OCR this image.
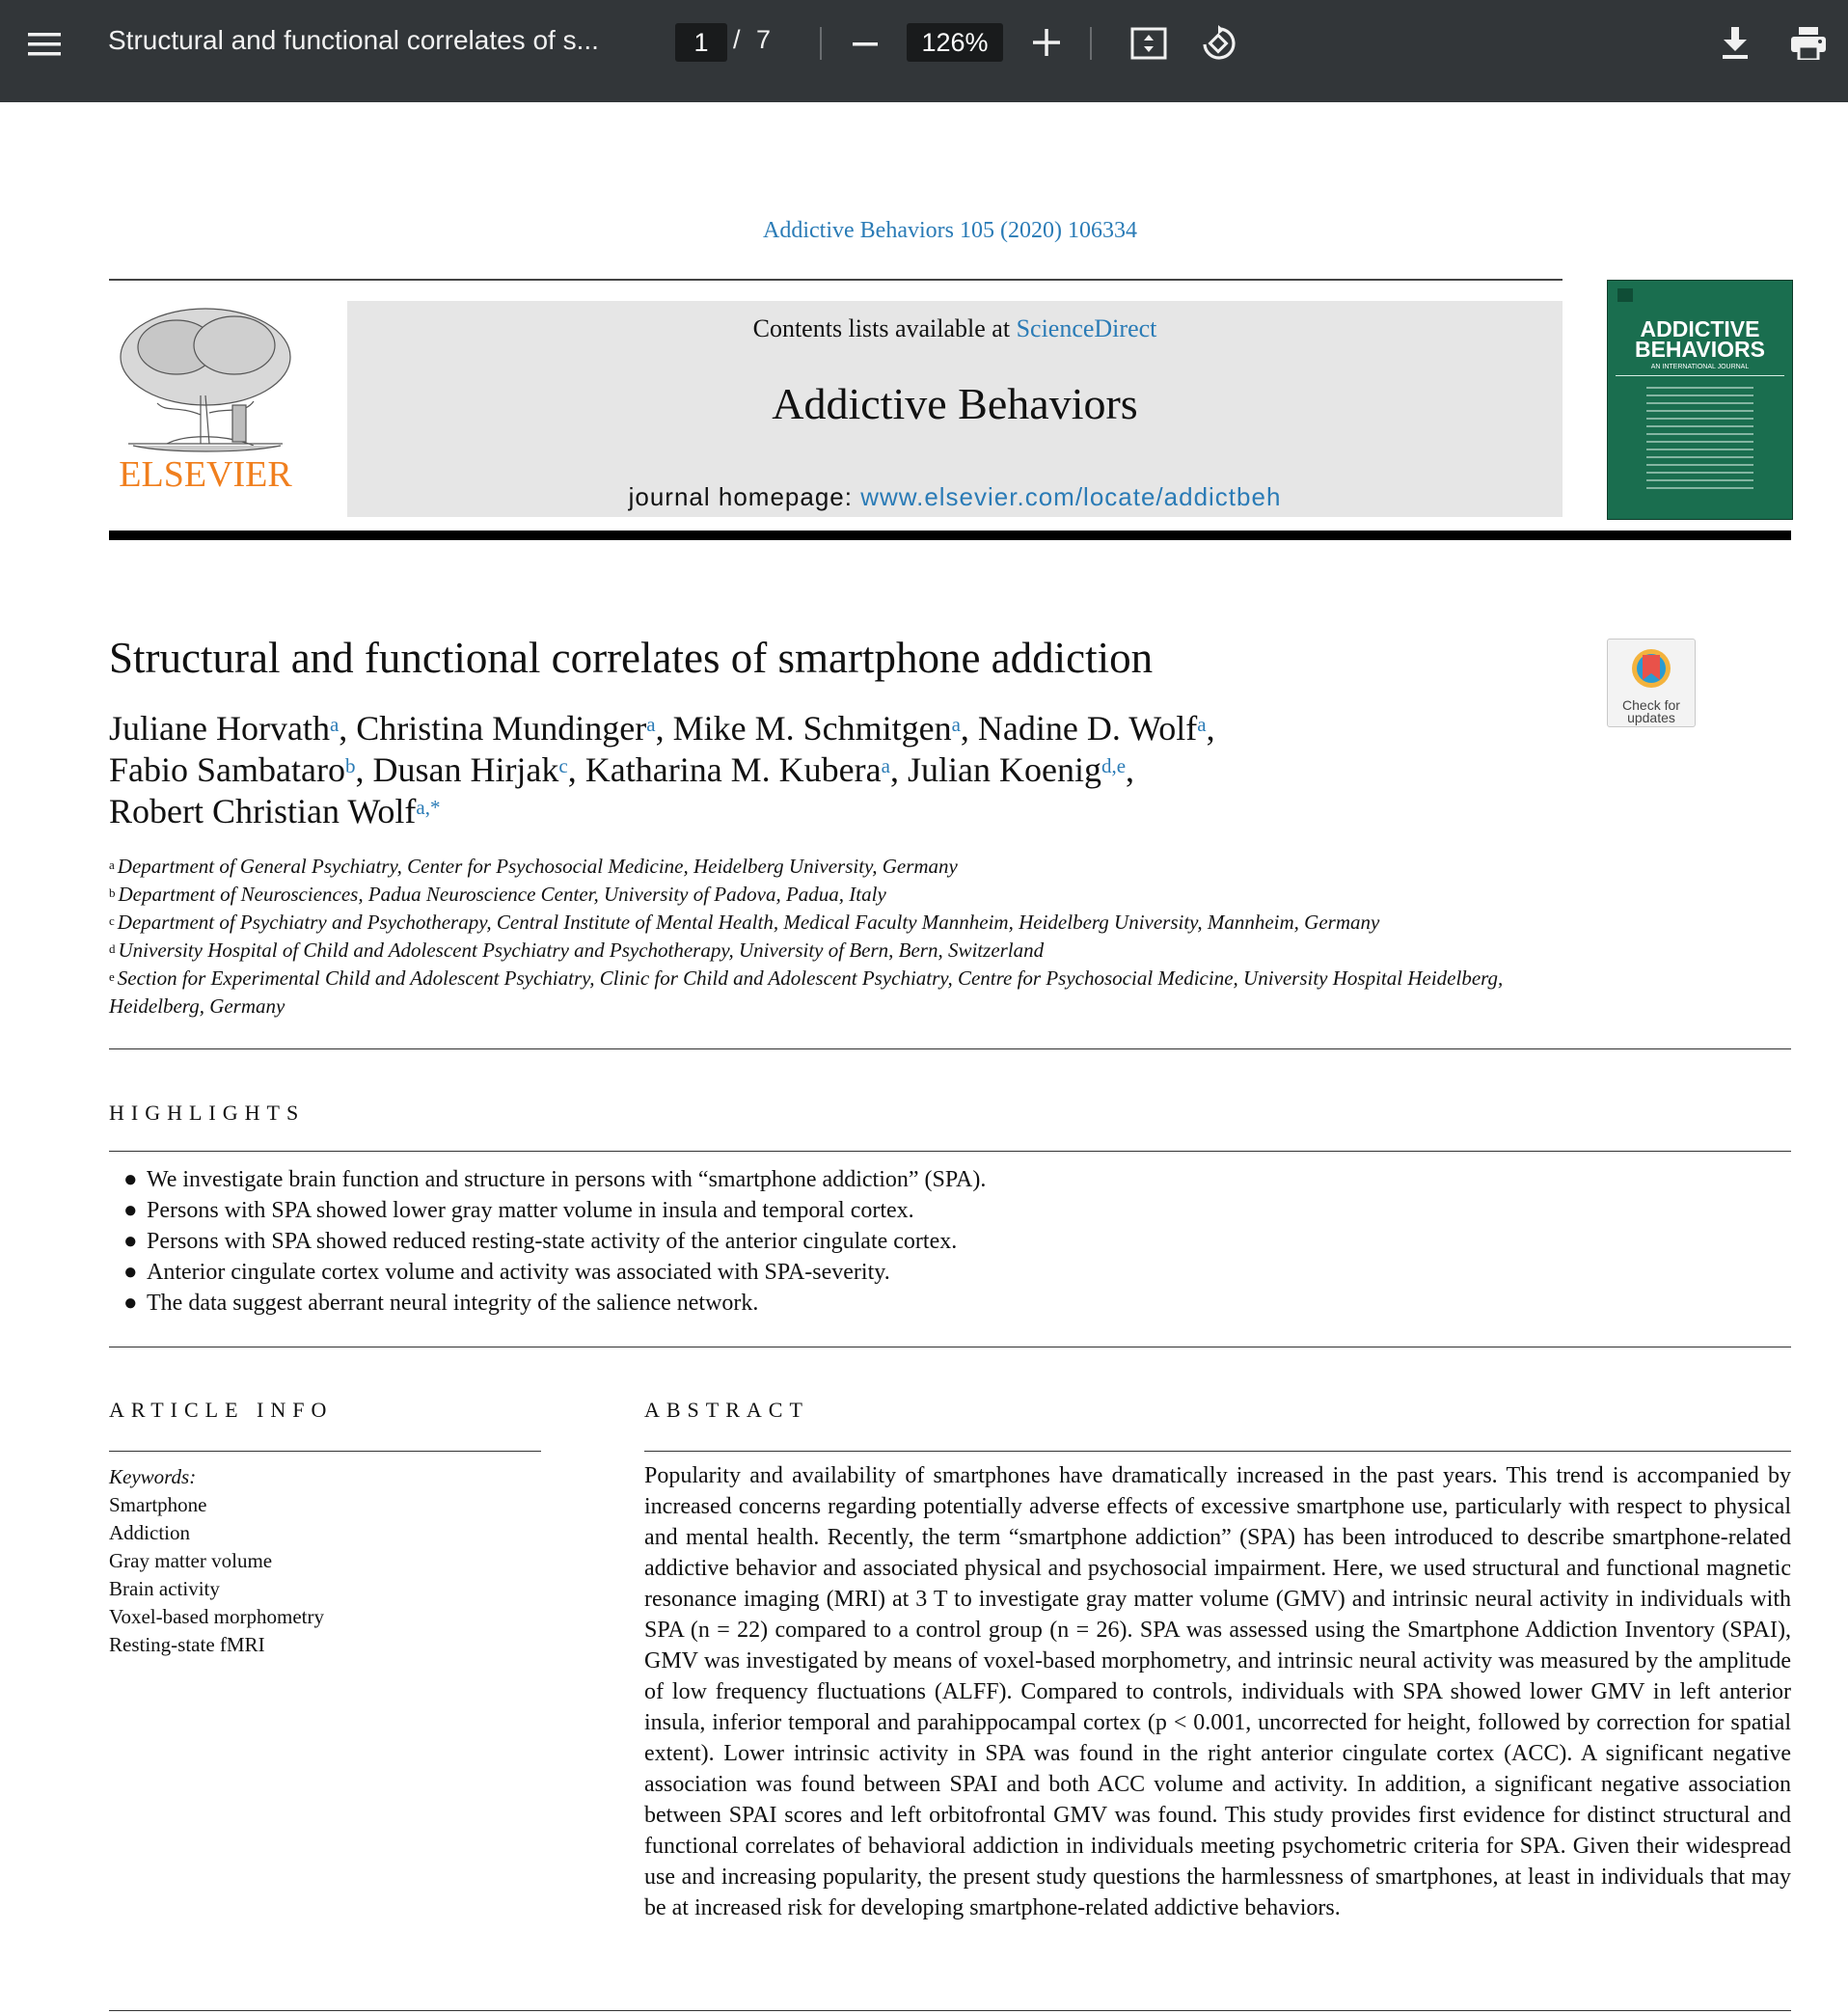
Structural and functional correlates of s...	1 / 7	126%
Addictive Behaviors 105 (2020) 106334
ELSEVIER
Contents lists available at ScienceDirect
Addictive Behaviors
journal homepage: www.elsevier.com/locate/addictbeh
ADDICTIVE
BEHAVIORS
AN INTERNATIONAL JOURNAL
Structural and functional correlates of smartphone addiction
Check for
updates
Juliane Horvath$^a$, Christina Mundinger$^a$, Mike M. Schmitgen$^a$, Nadine D. Wolf$^a$,
Fabio Sambataro$^b$, Dusan Hirjak$^c$, Katharina M. Kubera$^a$, Julian Koenig$^{d,e}$,
Robert Christian Wolf$^{a,*}$
$^a$ Department of General Psychiatry, Center for Psychosocial Medicine, Heidelberg University, Germany
$^b$ Department of Neurosciences, Padua Neuroscience Center, University of Padova, Padua, Italy
$^c$ Department of Psychiatry and Psychotherapy, Central Institute of Mental Health, Medical Faculty Mannheim, Heidelberg University, Mannheim, Germany
$^d$ University Hospital of Child and Adolescent Psychiatry and Psychotherapy, University of Bern, Bern, Switzerland
$^e$ Section for Experimental Child and Adolescent Psychiatry, Clinic for Child and Adolescent Psychiatry, Centre for Psychosocial Medicine, University Hospital Heidelberg, Heidelberg, Germany
HIGHLIGHTS
● We investigate brain function and structure in persons with “smartphone addiction” (SPA).
● Persons with SPA showed lower gray matter volume in insula and temporal cortex.
● Persons with SPA showed reduced resting-state activity of the anterior cingulate cortex.
● Anterior cingulate cortex volume and activity was associated with SPA-severity.
● The data suggest aberrant neural integrity of the salience network.
ARTICLE INFO	ABSTRACT
Keywords:
Smartphone
Addiction
Gray matter volume
Brain activity
Voxel-based morphometry
Resting-state fMRI
Popularity and availability of smartphones have dramatically increased in the past years. This trend is accompanied by increased concerns regarding potentially adverse effects of excessive smartphone use, particularly with respect to physical and mental health. Recently, the term “smartphone addiction” (SPA) has been introduced to describe smartphone-related addictive behavior and associated physical and psychosocial impairment. Here, we used structural and functional magnetic resonance imaging (MRI) at 3 T to investigate gray matter volume (GMV) and intrinsic neural activity in individuals with SPA (n = 22) compared to a control group (n = 26). SPA was assessed using the Smartphone Addiction Inventory (SPAI), GMV was investigated by means of voxel-based morphometry, and intrinsic neural activity was measured by the amplitude of low frequency fluctuations (ALFF). Compared to controls, individuals with SPA showed lower GMV in left anterior insula, inferior temporal and parahippocampal cortex (p < 0.001, uncorrected for height, followed by correction for spatial extent). Lower intrinsic activity in SPA was found in the right anterior cingulate cortex (ACC). A significant negative association was found between SPAI and both ACC volume and activity. In addition, a significant negative association between SPAI scores and left orbitofrontal GMV was found. This study provides first evidence for distinct structural and functional correlates of behavioral addiction in individuals meeting psychometric criteria for SPA. Given their widespread use and increasing popularity, the present study questions the harmlessness of smartphones, at least in individuals that may be at increased risk for developing smartphone-related addictive behaviors.
